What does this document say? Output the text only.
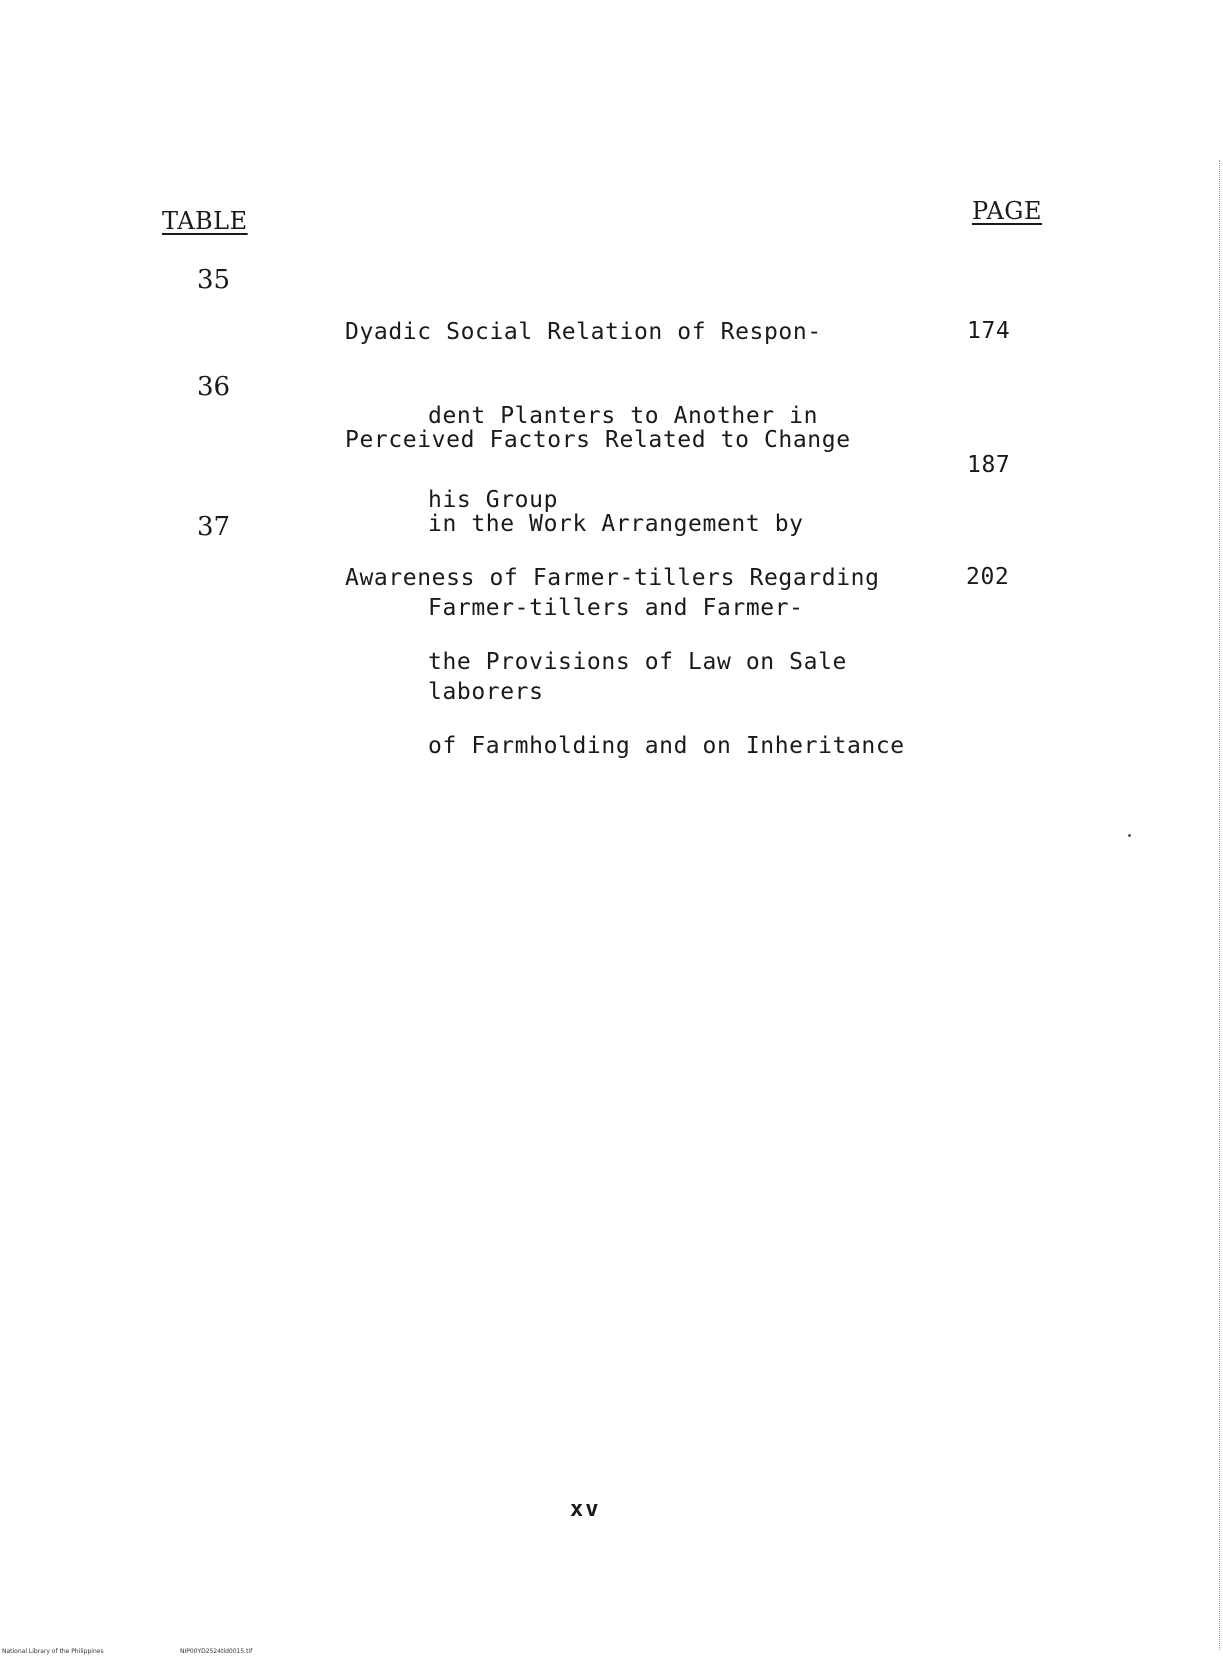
TABLE	PAGE
35

Dyadic Social Relation of Respon-

dent Planters to Another in

his Group

174
36

Perceived Factors Related to Change

in the Work Arrangement by

Farmer-tillers and Farmer-

laborers

187
37

Awareness of Farmer-tillers Regarding

the Provisions of Law on Sale

of Farmholding and on Inheritance

202
xv
National Library of the Philippines	NIP00YD2524tld0015.tif
